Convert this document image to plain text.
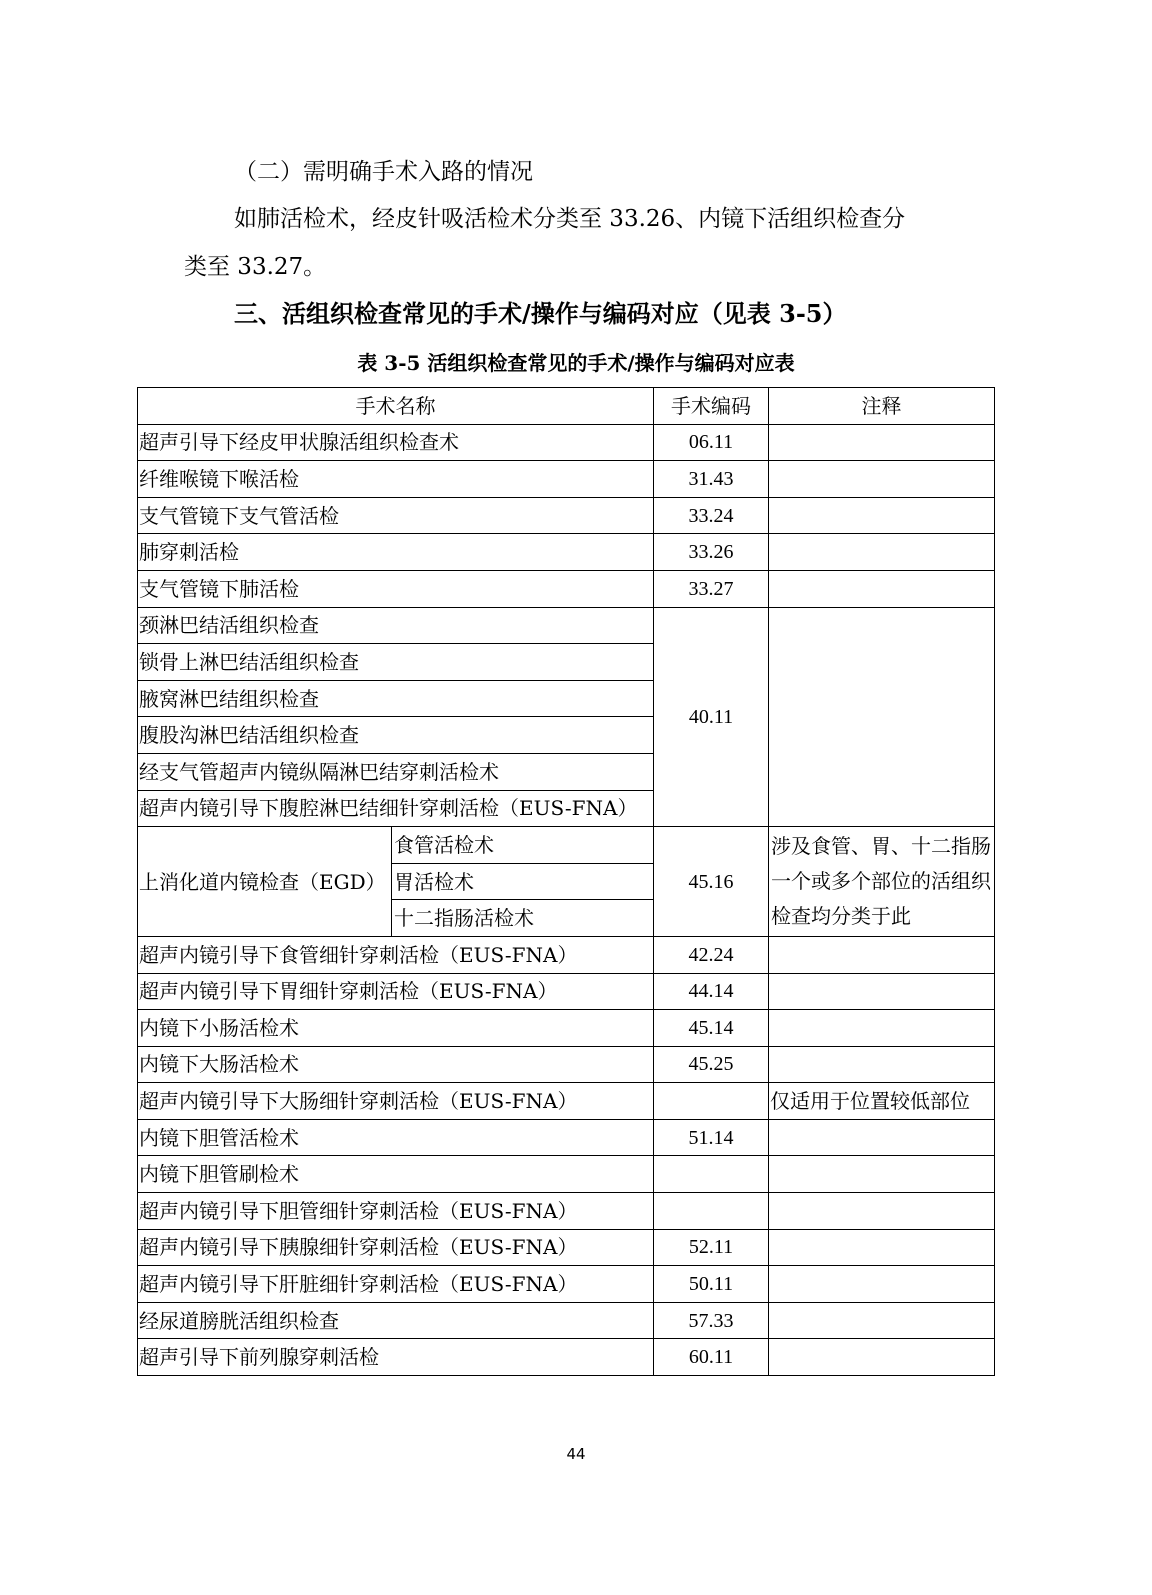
（二）需明确手术入路的情况
如肺活检术，经皮针吸活检术分类至 33.26、内镜下活组织检查分
类至 33.27。
三、活组织检查常见的手术/操作与编码对应（见表 3-5）
表 3-5 活组织检查常见的手术/操作与编码对应表
手术名称		手术编码	注释
超声引导下经皮甲状腺活组织检查术		06.11	
纤维喉镜下喉活检		31.43	
支气管镜下支气管活检		33.24	
肺穿刺活检		33.26	
支气管镜下肺活检		33.27	
颈淋巴结活组织检查		40.11	
锁骨上淋巴结活组织检查			
腋窝淋巴结组织检查			
腹股沟淋巴结活组织检查			
经支气管超声内镜纵隔淋巴结穿刺活检术			
超声内镜引导下腹腔淋巴结细针穿刺活检（EUS-FNA）			
上消化道内镜检查（EGD）	食管活检术	45.16	涉及食管、胃、十二指肠一个或多个部位的活组织检查均分类于此
	胃活检术		
	十二指肠活检术		
超声内镜引导下食管细针穿刺活检（EUS-FNA）		42.24	
超声内镜引导下胃细针穿刺活检（EUS-FNA）		44.14	
内镜下小肠活检术		45.14	
内镜下大肠活检术		45.25	
超声内镜引导下大肠细针穿刺活检（EUS-FNA）			仅适用于位置较低部位
内镜下胆管活检术		51.14	
内镜下胆管刷检术			
超声内镜引导下胆管细针穿刺活检（EUS-FNA）			
超声内镜引导下胰腺细针穿刺活检（EUS-FNA）		52.11	
超声内镜引导下肝脏细针穿刺活检（EUS-FNA）		50.11	
经尿道膀胱活组织检查		57.33	
超声引导下前列腺穿刺活检		60.11	
44
